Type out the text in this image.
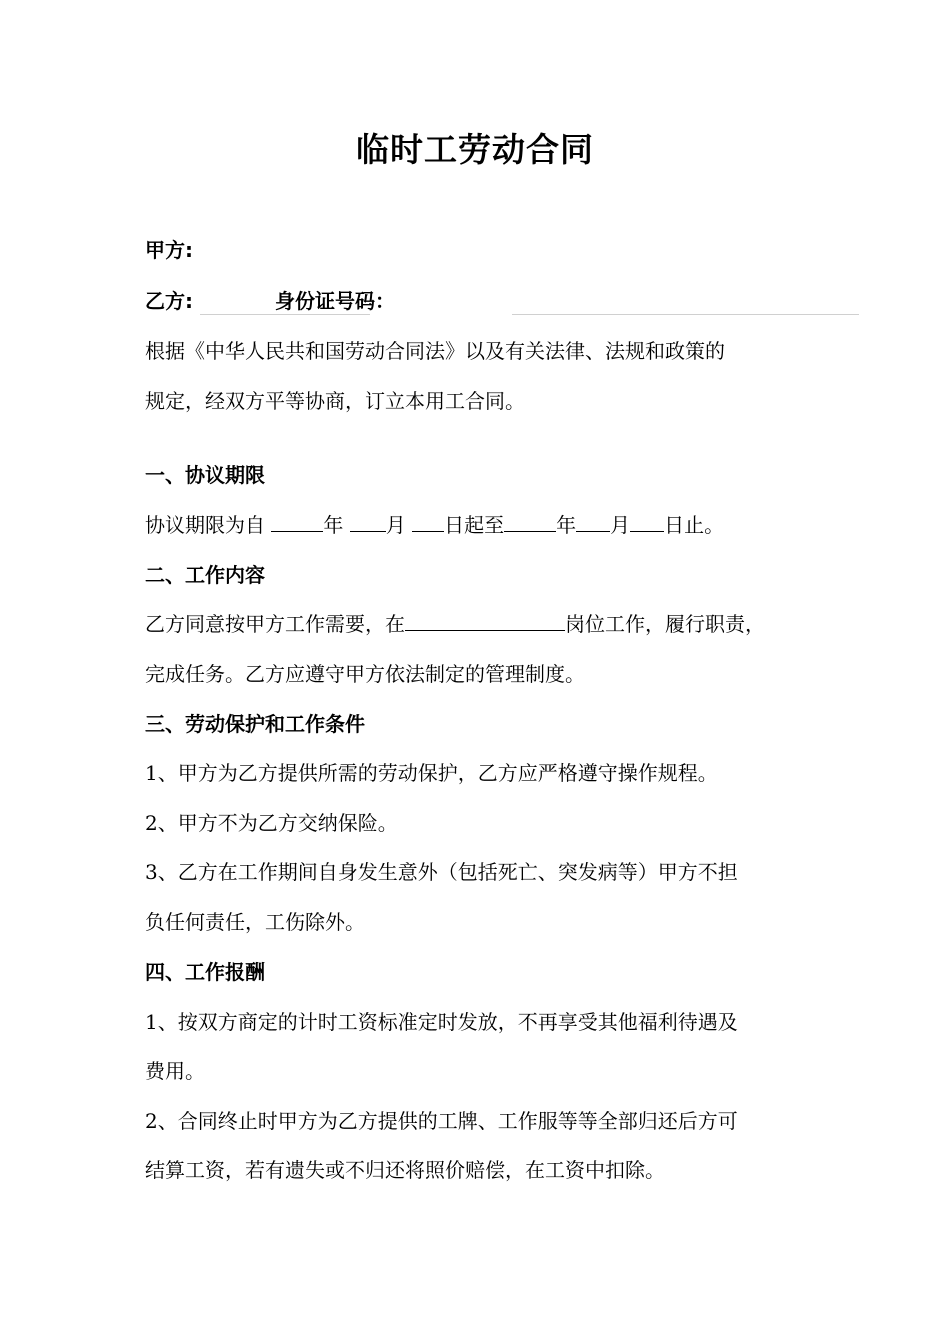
临时工劳动合同
甲方:
乙方:	身份证号码：
根据《中华人民共和国劳动合同法》以及有关法律、法规和政策的
规定，经双方平等协商，订立本用工合同。
一、协议期限
协议期限为自	年 月 日起至	年 月 日止。
二、工作内容
乙方同意按甲方工作需要，在	岗位工作，履行职责，
完成任务。乙方应遵守甲方依法制定的管理制度。
三、劳动保护和工作条件
1、甲方为乙方提供所需的劳动保护，乙方应严格遵守操作规程。
2、甲方不为乙方交纳保险。
3、乙方在工作期间自身发生意外（包括死亡、突发病等）甲方不担
负任何责任，工伤除外。
四、工作报酬
1、按双方商定的计时工资标准定时发放，不再享受其他福利待遇及
费用。
2、合同终止时甲方为乙方提供的工牌、工作服等等全部归还后方可
结算工资，若有遗失或不归还将照价赔偿，在工资中扣除。
